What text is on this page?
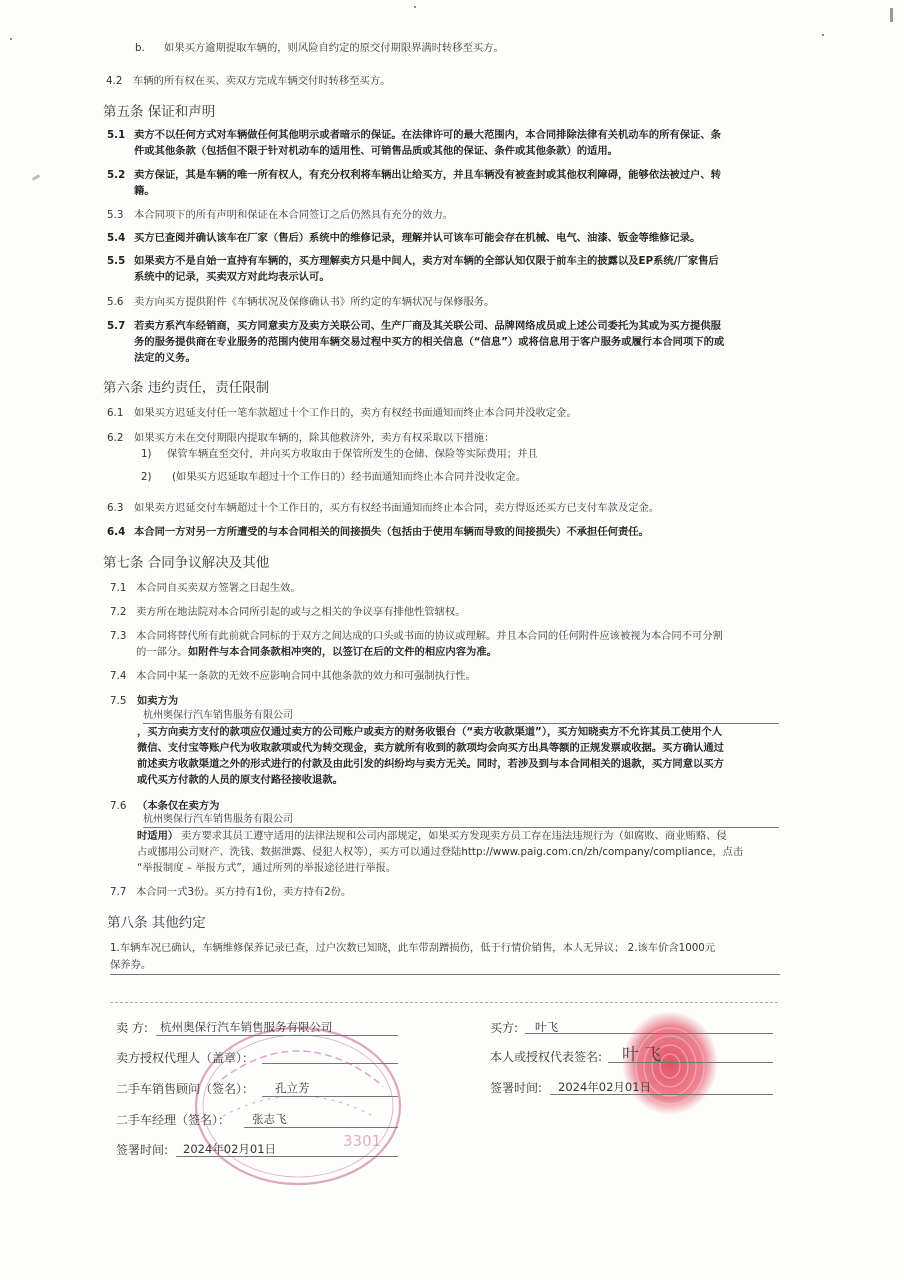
b. 如果买方逾期提取车辆的，则风险自约定的原交付期限界满时转移至买方。
4.2 车辆的所有权在买、卖双方完成车辆交付时转移至买方。
第五条 保证和声明
5.1 卖方不以任何方式对车辆做任何其他明示或者暗示的保证。在法律许可的最大范围内，本合同排除法律有关机动车的所有保证、条
件或其他条款（包括但不限于针对机动车的适用性、可销售品质或其他的保证、条件或其他条款）的适用。
5.2 卖方保证，其是车辆的唯一所有权人，有充分权利将车辆出让给买方，并且车辆没有被查封或其他权利障碍，能够依法被过户、转
籍。
5.3 本合同项下的所有声明和保证在本合同签订之后仍然具有充分的效力。
5.4 买方已查阅并确认该车在厂家（售后）系统中的维修记录，理解并认可该车可能会存在机械、电气、油漆、钣金等维修记录。
5.5 如果卖方不是自始一直持有车辆的，买方理解卖方只是中间人，卖方对车辆的全部认知仅限于前车主的披露以及EP系统/厂家售后
系统中的记录，买卖双方对此均表示认可。
5.6 卖方向买方提供附件《车辆状况及保修确认书》所约定的车辆状况与保修服务。
5.7 若卖方系汽车经销商，买方同意卖方及卖方关联公司、生产厂商及其关联公司、品牌网络成员或上述公司委托为其或为买方提供服
务的服务提供商在专业服务的范围内使用车辆交易过程中买方的相关信息（“信息”）或将信息用于客户服务或履行本合同项下的或
法定的义务。
第六条 违约责任，责任限制
6.1 如果买方迟延支付任一笔车款超过十个工作日的，卖方有权经书面通知而终止本合同并没收定金。
6.2 如果买方未在交付期限内提取车辆的，除其他救济外，卖方有权采取以下措施：
1) 保管车辆直至交付，并向买方收取由于保管所发生的仓储、保险等实际费用；并且
2) (如果买方迟延取车超过十个工作日的）经书面通知而终止本合同并没收定金。
6.3 如果卖方迟延交付车辆超过十个工作日的，买方有权经书面通知而终止本合同，卖方得返还买方已支付车款及定金。
6.4 本合同一方对另一方所遭受的与本合同相关的间接损失（包括由于使用车辆而导致的间接损失）不承担任何责任。
第七条 合同争议解决及其他
7.1 本合同自买卖双方签署之日起生效。
7.2 卖方所在地法院对本合同所引起的或与之相关的争议享有排他性管辖权。
7.3 本合同将替代所有此前就合同标的于双方之间达成的口头或书面的协议或理解。并且本合同的任何附件应该被视为本合同不可分割
的一部分。 如附件与本合同条款相冲突的，以签订在后的文件的相应内容为准。
7.4 本合同中某一条款的无效不应影响合同中其他条款的效力和可强制执行性。
7.5 如卖方为
杭州奥保行汽车销售服务有限公司
，买方向卖方支付的款项应仅通过卖方的公司账户或卖方的财务收银台（“卖方收款渠道”），买方知晓卖方不允许其员工使用个人
微信、支付宝等账户代为收取款项或代为转交现金，卖方就所有收到的款项均会向买方出具等额的正规发票或收据。买方确认通过
前述卖方收款渠道之外的形式进行的付款及由此引发的纠纷均与卖方无关。同时，若涉及到与本合同相关的退款，买方同意以买方
或代买方付款的人员的原支付路径接收退款。
7.6 （本条仅在卖方为
杭州奥保行汽车销售服务有限公司
时适用） 卖方要求其员工遵守适用的法律法规和公司内部规定，如果买方发现卖方员工存在违法违规行为（如腐败、商业贿赂、侵
占或挪用公司财产、洗钱、数据泄露、侵犯人权等），买方可以通过登陆http://www.paig.com.cn/zh/company/compliance，点击
“举报制度 – 举报方式”，通过所列的举报途径进行举报。
7.7 本合同一式3份。买方持有1份，卖方持有2份。
第八条 其他约定
1.车辆车况已确认，车辆维修保养记录已查，过户次数已知晓，此车带刮蹭损伤，低于行情价销售，本人无异议； 2.该车价含1000元
保养券。
3301
卖 方: 杭州奥保行汽车销售服务有限公司
卖方授权代理人（盖章）：
二手车销售顾问（签名）： 孔立芳
二手车经理（签名）： 张志飞
签署时间: 2024年02月01日
买方: 叶飞
本人或授权代表签名: 叶 飞
签署时间: 2024年02月01日
